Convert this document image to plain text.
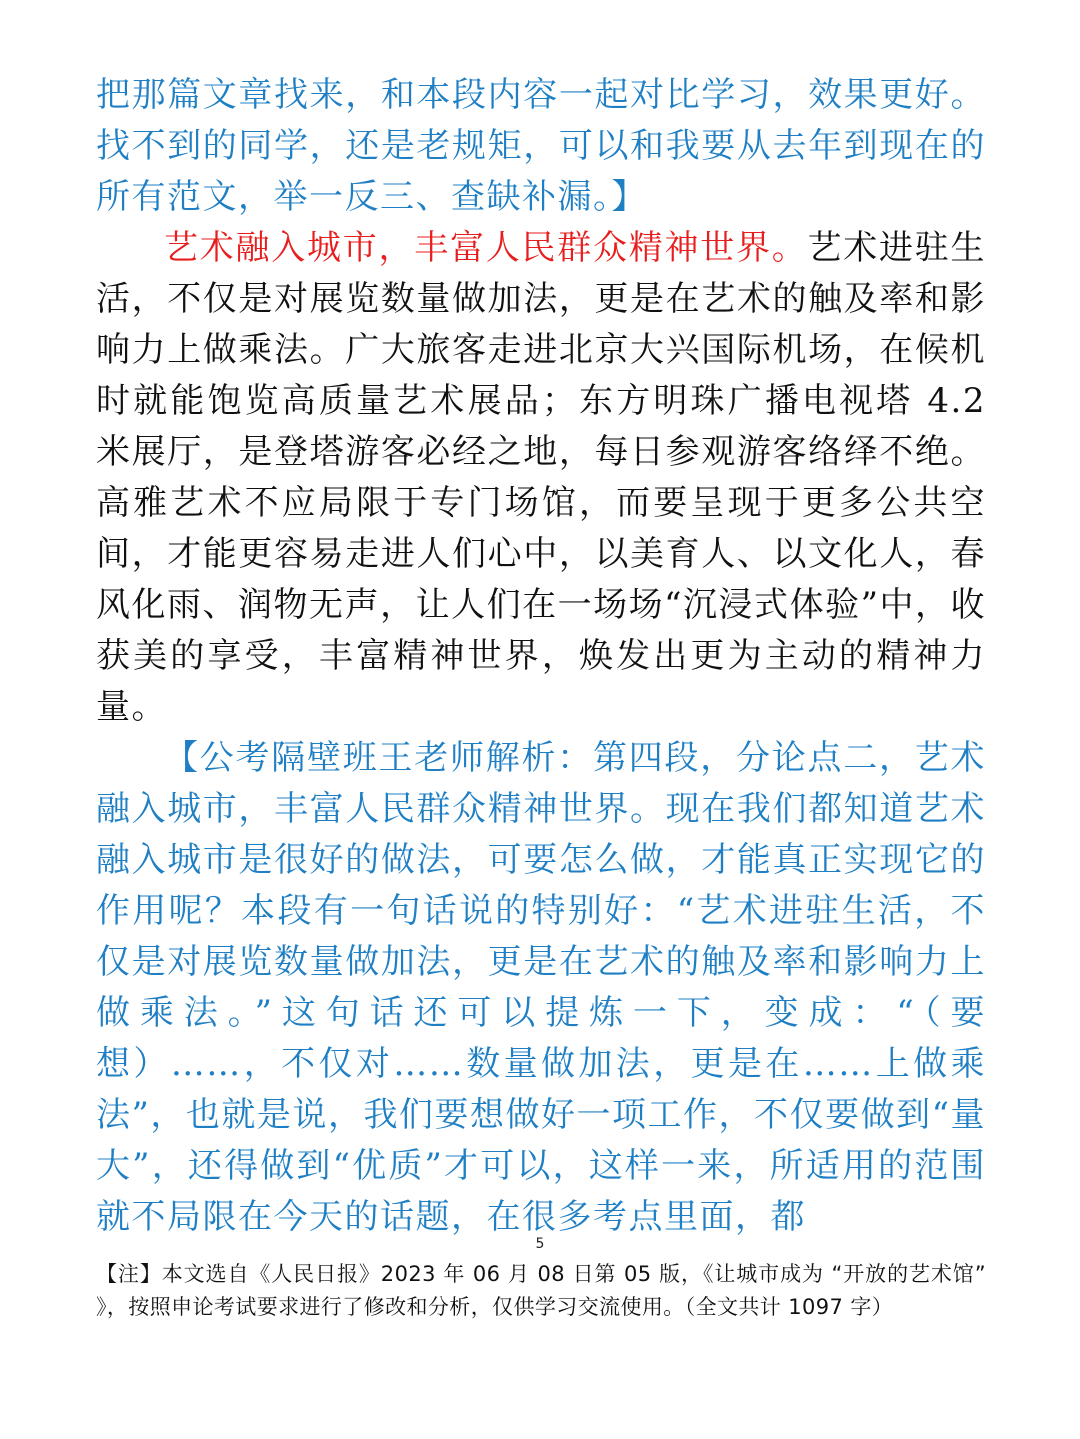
把那篇文章找来，和本段内容一起对比学习，效果更好。找不到的同学，还是老规矩，可以和我要从去年到现在的所有范文，举一反三、查缺补漏。】

艺术融入城市，丰富人民群众精神世界。艺术进驻生活，不仅是对展览数量做加法，更是在艺术的触及率和影响力上做乘法。广大旅客走进北京大兴国际机场，在候机时就能饱览高质量艺术展品；东方明珠广播电视塔 4.2 米展厅，是登塔游客必经之地，每日参观游客络绎不绝。高雅艺术不应局限于专门场馆，而要呈现于更多公共空间，才能更容易走进人们心中，以美育人、以文化人，春风化雨、润物无声，让人们在一场场“沉浸式体验”中，收获美的享受，丰富精神世界，焕发出更为主动的精神力量。

【公考隔壁班王老师解析：第四段，分论点二，艺术融入城市，丰富人民群众精神世界。现在我们都知道艺术融入城市是很好的做法，可要怎么做，才能真正实现它的作用呢？本段有一句话说的特别好：“艺术进驻生活，不仅是对展览数量做加法，更是在艺术的触及率和影响力上做乘法。”这句话还可以提炼一下，变成：“（要想）……，不仅对……数量做加法，更是在……上做乘法”，也就是说，我们要想做好一项工作，不仅要做到“量大”，还得做到“优质”才可以，这样一来，所适用的范围就不局限在今天的话题，在很多考点里面，都

5
【注】本文选自《人民日报》2023 年 06 月 08 日第 05 版，《让城市成为 “开放的艺术馆” 》，按照申论考试要求进行了修改和分析，仅供学习交流使用。（全文共计 1097 字）
